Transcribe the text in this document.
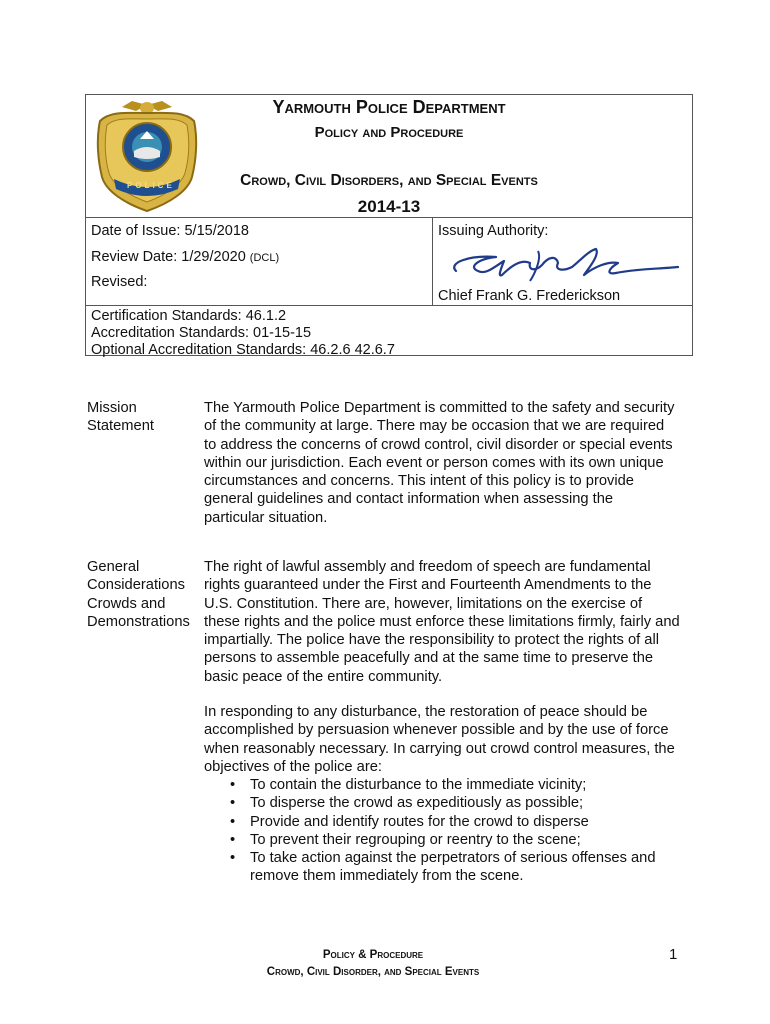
POLICE
Yarmouth Police Department
Policy and Procedure
Crowd, Civil Disorders, and Special Events
2014-13
Date of Issue: 5/15/2018
Review Date: 1/29/2020 (DCL)
Revised:
Issuing Authority:
Chief Frank G. Frederickson
Certification Standards: 46.1.2
Accreditation Standards: 01-15-15
Optional Accreditation Standards: 46.2.6 42.6.7
Mission
Statement
The Yarmouth Police Department is committed to the safety and security of the community at large. There may be occasion that we are required to address the concerns of crowd control, civil disorder or special events within our jurisdiction. Each event or person comes with its own unique circumstances and concerns. This intent of this policy is to provide general guidelines and contact information when assessing the particular situation.
General
Considerations
Crowds and
Demonstrations
The right of lawful assembly and freedom of speech are fundamental rights guaranteed under the First and Fourteenth Amendments to the U.S. Constitution. There are, however, limitations on the exercise of these rights and the police must enforce these limitations firmly, fairly and impartially. The police have the responsibility to protect the rights of all persons to assemble peacefully and at the same time to preserve the basic peace of the entire community.
In responding to any disturbance, the restoration of peace should be accomplished by persuasion whenever possible and by the use of force when reasonably necessary. In carrying out crowd control measures, the objectives of the police are:
• To contain the disturbance to the immediate vicinity;
• To disperse the crowd as expeditiously as possible;
• Provide and identify routes for the crowd to disperse
• To prevent their regrouping or reentry to the scene;
• To take action against the perpetrators of serious offenses and remove them immediately from the scene.
Policy & Procedure
Crowd, Civil Disorder, and Special Events
1
